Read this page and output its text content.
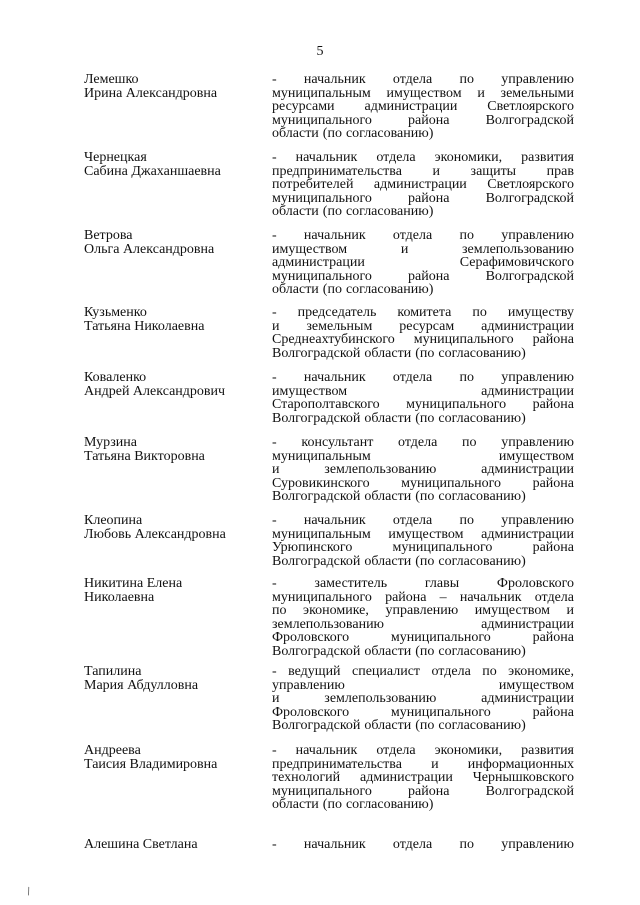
5
Лемешко
Ирина Александровна
- начальник отдела по управлению
муниципальным имуществом и земельными
ресурсами администрации Светлоярского
муниципального района Волгоградской
области (по согласованию)
Чернецкая
Сабина Джаханшаевна
- начальник отдела экономики, развития
предпринимательства и защиты прав
потребителей администрации Светлоярского
муниципального района Волгоградской
области (по согласованию)
Ветрова
Ольга Александровна
- начальник отдела по управлению
имуществом и землепользованию
администрации Серафимовичского
муниципального района Волгоградской
области (по согласованию)
Кузьменко
Татьяна Николаевна
- председатель комитета по имуществу
и земельным ресурсам администрации
Среднеахтубинского муниципального района
Волгоградской области (по согласованию)
Коваленко
Андрей Александрович
- начальник отдела по управлению
имуществом администрации
Старополтавского муниципального района
Волгоградской области (по согласованию)
Мурзина
Татьяна Викторовна
- консультант отдела по управлению
муниципальным имуществом
и землепользованию администрации
Суровикинского муниципального района
Волгоградской области (по согласованию)
Клеопина
Любовь Александровна
- начальник отдела по управлению
муниципальным имуществом администрации
Урюпинского муниципального района
Волгоградской области (по согласованию)
Никитина Елена
Николаевна
- заместитель главы Фроловского
муниципального района – начальник отдела
по экономике, управлению имуществом и
землепользованию администрации
Фроловского муниципального района
Волгоградской области (по согласованию)
Тапилина
Мария Абдулловна
- ведущий специалист отдела по экономике,
управлению имуществом
и землепользованию администрации
Фроловского муниципального района
Волгоградской области (по согласованию)
Андреева
Таисия Владимировна
- начальник отдела экономики, развития
предпринимательства и информационных
технологий администрации Чернышковского
муниципального района Волгоградской
области (по согласованию)
Алешина Светлана	- начальник отдела по управлению
\
